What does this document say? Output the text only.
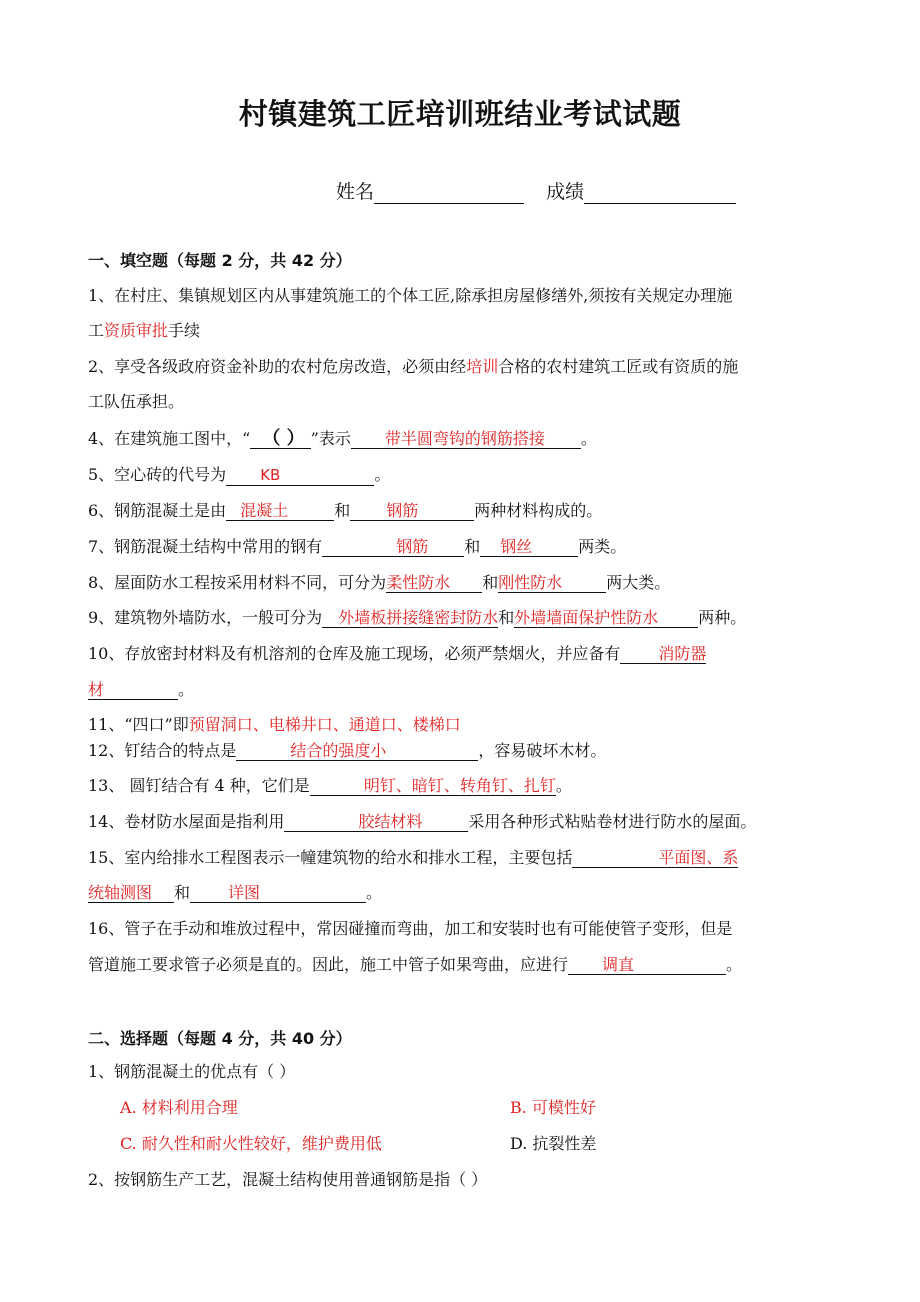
村镇建筑工匠培训班结业考试试题
姓名	成绩
一、填空题（每题 2 分，共 42 分）
1、在村庄、集镇规划区内从事建筑施工的个体工匠,除承担房屋修缮外,须按有关规定办理施
工资质审批手续
2、享受各级政府资金补助的农村危房改造，必须由经培训合格的农村建筑工匠或有资质的施
工队伍承担。
4、在建筑施工图中，“ （ ） ”表示 带半圆弯钩的钢筋搭接 。
5、空心砖的代号为 KB	。
6、钢筋混凝土是由 混凝土	和 钢筋	两种材料构成的。
7、钢筋混凝土结构中常用的钢有	钢筋 和 钢丝	两类。
8、屋面防水工程按采用材料不同，可分为柔性防水 和刚性防水	两大类。
9、建筑物外墙防水，一般可分为 外墙板拼接缝密封防水和外墙墙面保护性防水	两种。
10、存放密封材料及有机溶剂的仓库及施工现场，必须严禁烟火，并应备有 消防器
材	。
11、“四口”即预留洞口、电梯井口、通道口、楼梯口
12、钉结合的特点是	结合的强度小	，容易破坏木材。
13、 圆钉结合有 4 种，它们是	明钉、暗钉、转角钉、扎钉。
14、卷材防水屋面是指利用	胶结材料	采用各种形式粘贴卷材进行防水的屋面。
15、室内给排水工程图表示一幢建筑物的给水和排水工程，主要包括	平面图、系
统轴测图 和 详图	。
16、管子在手动和堆放过程中，常因碰撞而弯曲，加工和安装时也有可能使管子变形，但是
管道施工要求管子必须是直的。因此，施工中管子如果弯曲，应进行 调直	。
二、选择题（每题 4 分，共 40 分）
1、钢筋混凝土的优点有（ ）
A. 材料利用合理	B. 可模性好
C. 耐久性和耐火性较好，维护费用低	D. 抗裂性差
2、按钢筋生产工艺，混凝土结构使用普通钢筋是指（ ）
